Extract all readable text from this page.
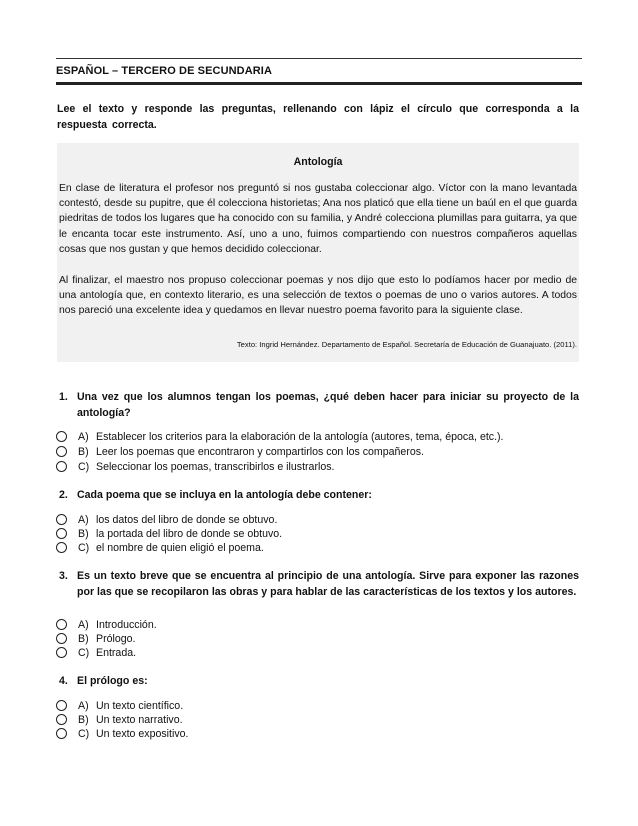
ESPAÑOL – TERCERO DE SECUNDARIA
Lee el texto y responde las preguntas, rellenando con lápiz el círculo que corresponda a la respuesta correcta.
Antología
En clase de literatura el profesor nos preguntó si nos gustaba coleccionar algo. Víctor con la mano levantada contestó, desde su pupitre, que él colecciona historietas; Ana nos platicó que ella tiene un baúl en el que guarda piedritas de todos los lugares que ha conocido con su familia, y André colecciona plumillas para guitarra, ya que le encanta tocar este instrumento. Así, uno a uno, fuimos compartiendo con nuestros compañeros aquellas cosas que nos gustan y que hemos decidido coleccionar.
Al finalizar, el maestro nos propuso coleccionar poemas y nos dijo que esto lo podíamos hacer por medio de una antología que, en contexto literario, es una selección de textos o poemas de uno o varios autores. A todos nos pareció una excelente idea y quedamos en llevar nuestro poema favorito para la siguiente clase.
Texto: Ingrid Hernández. Departamento de Español. Secretaría de Educación de Guanajuato. (2011).
1. Una vez que los alumnos tengan los poemas, ¿qué deben hacer para iniciar su proyecto de la antología?
A) Establecer los criterios para la elaboración de la antología (autores, tema, época, etc.).
B) Leer los poemas que encontraron y compartirlos con los compañeros.
C) Seleccionar los poemas, transcribirlos e ilustrarlos.
2. Cada poema que se incluya en la antología debe contener:
A) los datos del libro de donde se obtuvo.
B) la portada del libro de donde se obtuvo.
C) el nombre de quien eligió el poema.
3. Es un texto breve que se encuentra al principio de una antología. Sirve para exponer las razones por las que se recopilaron las obras y para hablar de las características de los textos y los autores.
A) Introducción.
B) Prólogo.
C) Entrada.
4. El prólogo es:
A) Un texto científico.
B) Un texto narrativo.
C) Un texto expositivo.
